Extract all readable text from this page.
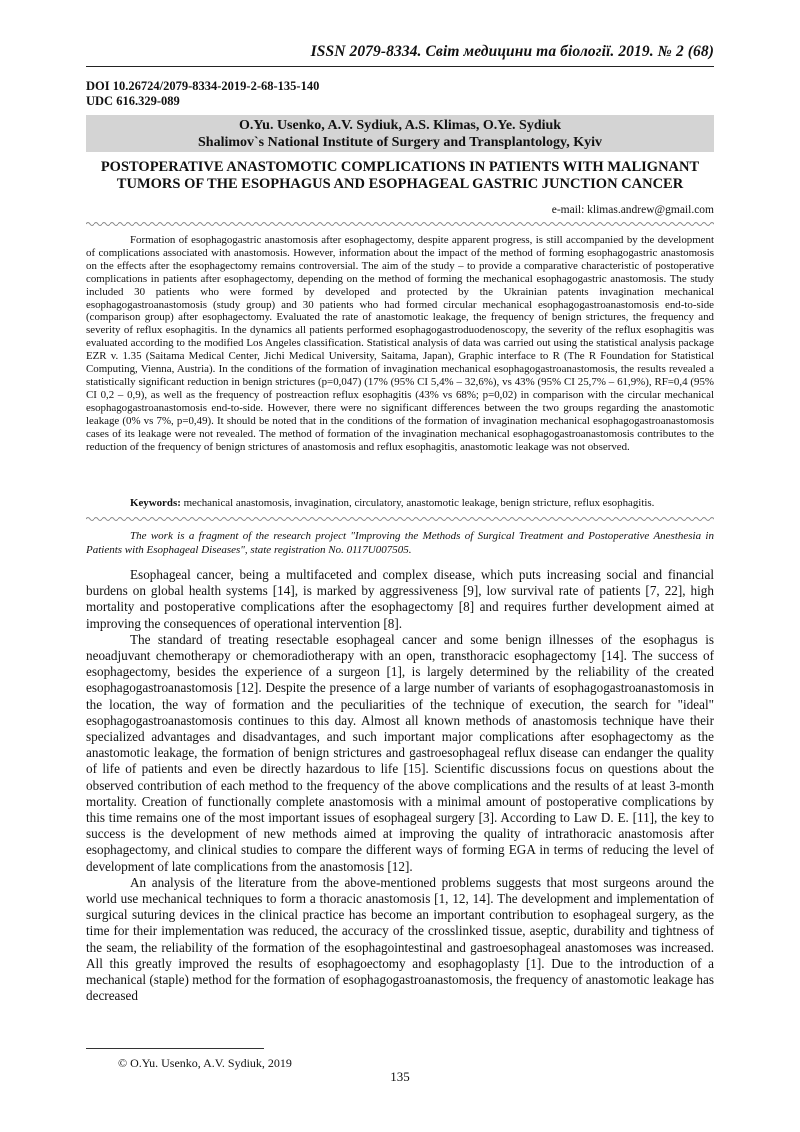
ISSN 2079-8334. Світ медицини та біології. 2019. № 2 (68)
DOI 10.26724/2079-8334-2019-2-68-135-140
UDC 616.329-089
O.Yu. Usenko, A.V. Sydiuk, A.S. Klimas, O.Ye. Sydiuk
Shalimov`s National Institute of Surgery and Transplantology, Kyiv
POSTOPERATIVE ANASTOMOTIC COMPLICATIONS IN PATIENTS WITH MALIGNANT
TUMORS OF THE ESOPHAGUS AND ESOPHAGEAL GASTRIC JUNCTION CANCER
e-mail: klimas.andrew@gmail.com

Formation of esophagogastric anastomosis after esophagectomy, despite apparent progress, is still accompanied by the development of complications associated with anastomosis. However, information about the impact of the method of forming esophagogastric anastomosis on the effects after the esophagectomy remains controversial. The aim of the study – to provide a comparative characteristic of postoperative complications in patients after esophagectomy, depending on the method of forming the mechanical esophagogastric anastomosis. The study included 30 patients who were formed by developed and protected by the Ukrainian patents invagination mechanical esophagogastroanastomosis (study group) and 30 patients who had formed circular mechanical esophagogastroanastomosis end-to-side (comparison group) after esophagectomy. Evaluated the rate of anastomotic leakage, the frequency of benign strictures, the frequency and severity of reflux esophagitis. In the dynamics all patients performed esophagogastroduodenoscopy, the severity of the reflux esophagitis was evaluated according to the modified Los Angeles classification. Statistical analysis of data was carried out using the statistical analysis package EZR v. 1.35 (Saitama Medical Center, Jichi Medical University, Saitama, Japan), Graphic interface to R (The R Foundation for Statistical Computing, Vienna, Austria). In the conditions of the formation of invagination mechanical esophagogastroanastomosis, the results revealed a statistically significant reduction in benign strictures (p=0,047) (17% (95% CI 5,4% – 32,6%), vs 43% (95% CI 25,7% – 61,9%), RF=0,4 (95% CI 0,2 – 0,9), as well as the frequency of postreaction reflux esophagitis (43% vs 68%; p=0,02) in comparison with the circular mechanical esophagogastroanastomosis end-to-side. However, there were no significant differences between the two groups regarding the anastomotic leakage (0% vs 7%, p=0,49). It should be noted that in the conditions of the formation of invagination mechanical esophagogastroanastomosis cases of its leakage were not revealed. The method of formation of the invagination mechanical esophagogastroanastomosis contributes to the reduction of the frequency of benign strictures of anastomosis and reflux esophagitis, anastomotic leakage was not observed.

Keywords: mechanical anastomosis, invagination, circulatory, anastomotic leakage, benign stricture, reflux esophagitis.

The work is a fragment of the research project "Improving the Methods of Surgical Treatment and Postoperative Anesthesia in Patients with Esophageal Diseases", state registration No. 0117U007505.

Esophageal cancer, being a multifaceted and complex disease, which puts increasing social and financial burdens on global health systems [14], is marked by aggressiveness [9], low survival rate of patients [7, 22], high mortality and postoperative complications after the esophagectomy [8] and requires further development aimed at improving the consequences of operational intervention [8].

The standard of treating resectable esophageal cancer and some benign illnesses of the esophagus is neoadjuvant chemotherapy or chemoradiotherapy with an open, transthoracic esophagectomy [14]. The success of esophagectomy, besides the experience of a surgeon [1], is largely determined by the reliability of the created esophagogastroanastomosis [12]. Despite the presence of a large number of variants of esophagogastroanastomosis in the location, the way of formation and the peculiarities of the technique of execution, the search for "ideal" esophagogastroanastomosis continues to this day. Almost all known methods of anastomosis technique have their specialized advantages and disadvantages, and such important major complications after esophagectomy as the anastomotic leakage, the formation of benign strictures and gastroesophageal reflux disease can endanger the quality of life of patients and even be directly hazardous to life [15]. Scientific discussions focus on questions about the observed contribution of each method to the frequency of the above complications and the results of at least 3-month mortality. Creation of functionally complete anastomosis with a minimal amount of postoperative complications by this time remains one of the most important issues of esophageal surgery [3]. According to Law D. E. [11], the key to success is the development of new methods aimed at improving the quality of intrathoracic anastomosis after esophagectomy, and clinical studies to compare the different ways of forming EGA in terms of reducing the level of development of late complications from the anastomosis [12].

An analysis of the literature from the above-mentioned problems suggests that most surgeons around the world use mechanical techniques to form a thoracic anastomosis [1, 12, 14]. The development and implementation of surgical suturing devices in the clinical practice has become an important contribution to esophageal surgery, as the time for their implementation was reduced, the accuracy of the crosslinked tissue, aseptic, durability and tightness of the seam, the reliability of the formation of the esophagointestinal and gastroesophageal anastomoses was increased. All this greatly improved the results of esophagoectomy and esophagoplasty [1]. Due to the introduction of a mechanical (staple) method for the formation of esophagogastroanastomosis, the frequency of anastomotic leakage has decreased

© O.Yu. Usenko, A.V. Sydiuk, 2019
135
